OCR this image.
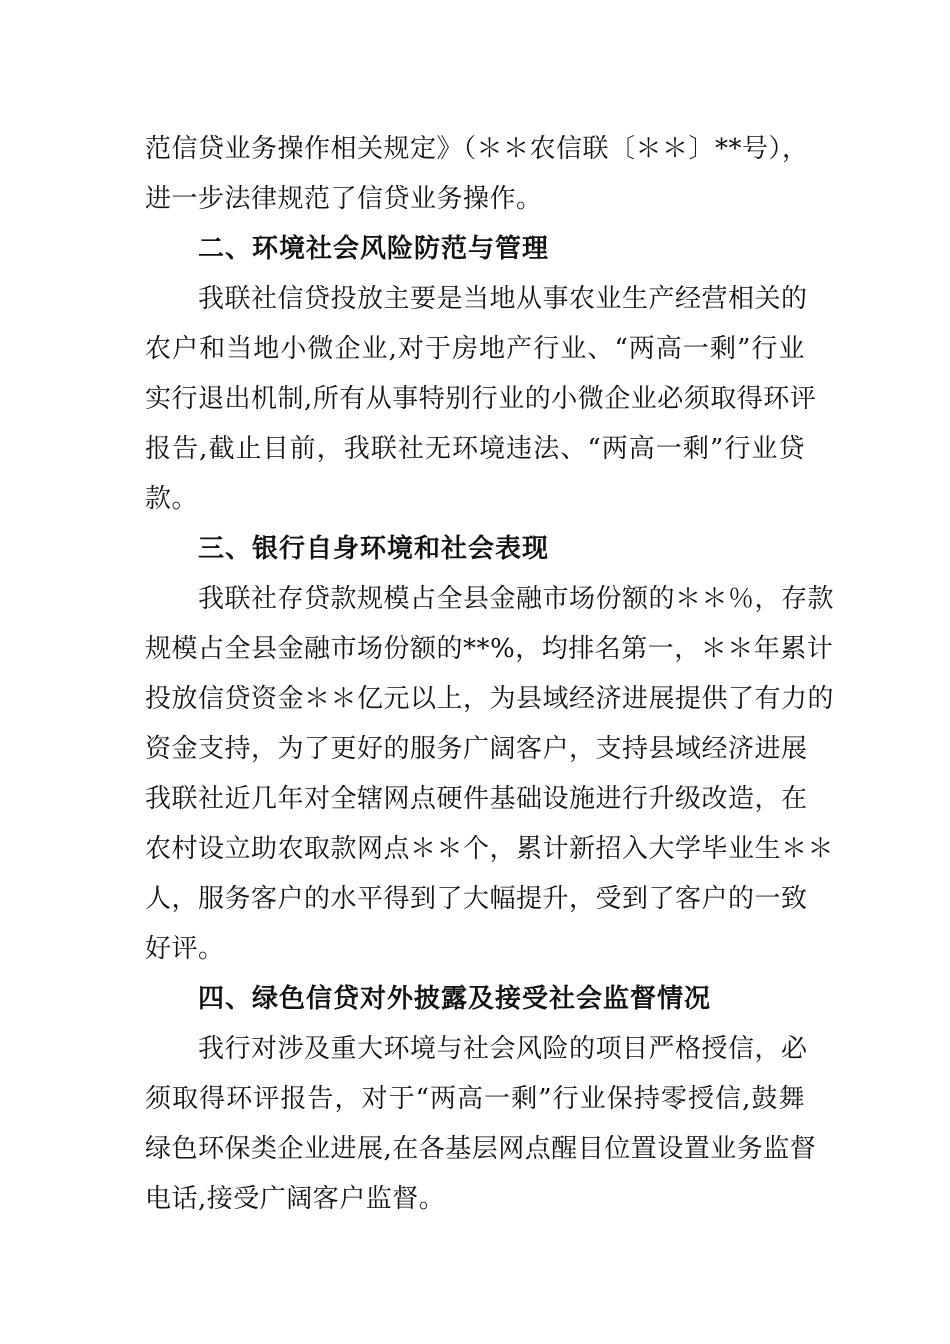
范信贷业务操作相关规定》（＊＊农信联〔＊＊〕**号），
进一步法律规范了信贷业务操作。
二、环境社会风险防范与管理
我联社信贷投放主要是当地从事农业生产经营相关的
农户和当地小微企业,对于房地产行业、“两高一剩”行业
实行退出机制,所有从事特别行业的小微企业必须取得环评
报告,截止目前，我联社无环境违法、“两高一剩”行业贷
款。
三、银行自身环境和社会表现
我联社存贷款规模占全县金融市场份额的＊＊％，存款
规模占全县金融市场份额的**%，均排名第一，＊＊年累计
投放信贷资金＊＊亿元以上，为县域经济进展提供了有力的
资金支持，为了更好的服务广阔客户，支持县域经济进展
我联社近几年对全辖网点硬件基础设施进行升级改造，在
农村设立助农取款网点＊＊个，累计新招入大学毕业生＊＊
人，服务客户的水平得到了大幅提升，受到了客户的一致
好评。
四、绿色信贷对外披露及接受社会监督情况
我行对涉及重大环境与社会风险的项目严格授信，必
须取得环评报告，对于“两高一剩”行业保持零授信,鼓舞
绿色环保类企业进展,在各基层网点醒目位置设置业务监督
电话,接受广阔客户监督。
